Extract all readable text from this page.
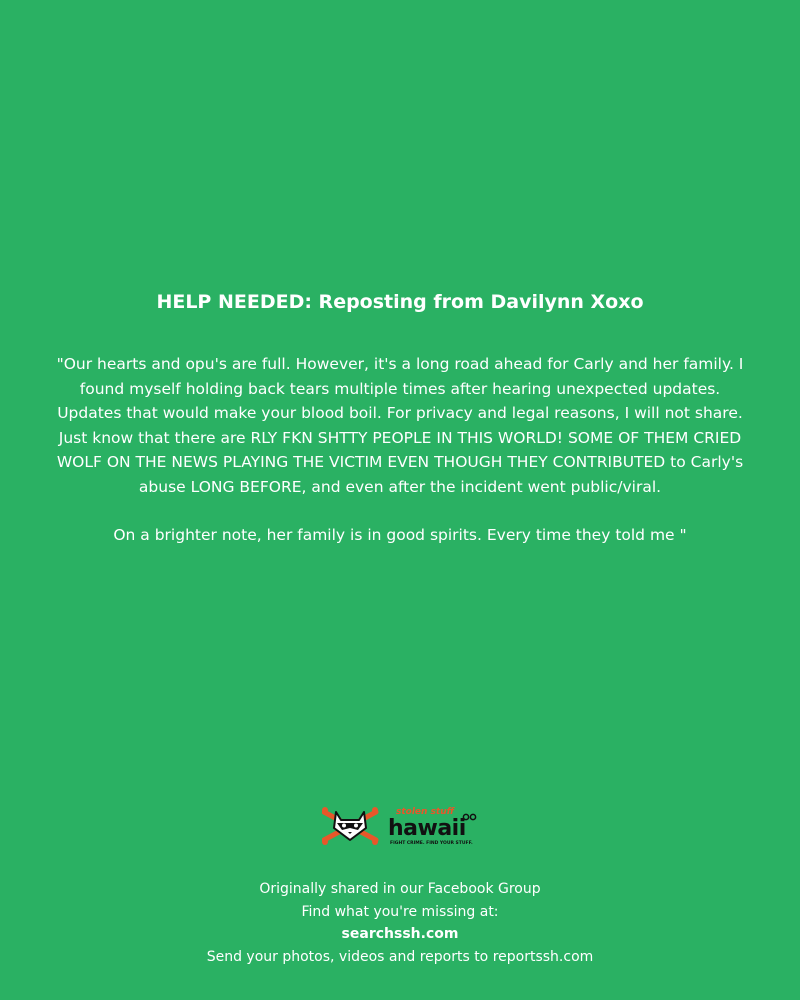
HELP NEEDED: Reposting from Davilynn Xoxo

"Our hearts and opu's are full. However, it's a long road ahead for Carly and her family. I found myself holding back tears multiple times after hearing unexpected updates. Updates that would make your blood boil. For privacy and legal reasons, I will not share. Just know that there are RLY FKN SHTTY PEOPLE IN THIS WORLD! SOME OF THEM CRIED WOLF ON THE NEWS PLAYING THE VICTIM EVEN THOUGH THEY CONTRIBUTED to Carly's abuse LONG BEFORE, and even after the incident went public/viral.

On a brighter note, her family is in good spirits. Every time they told me "

stolen stuff
hawaii
FIGHT CRIME. FIND YOUR STUFF.
Originally shared in our Facebook Group
Find what you're missing at:
searchssh.com
Send your photos, videos and reports to reportssh.com
